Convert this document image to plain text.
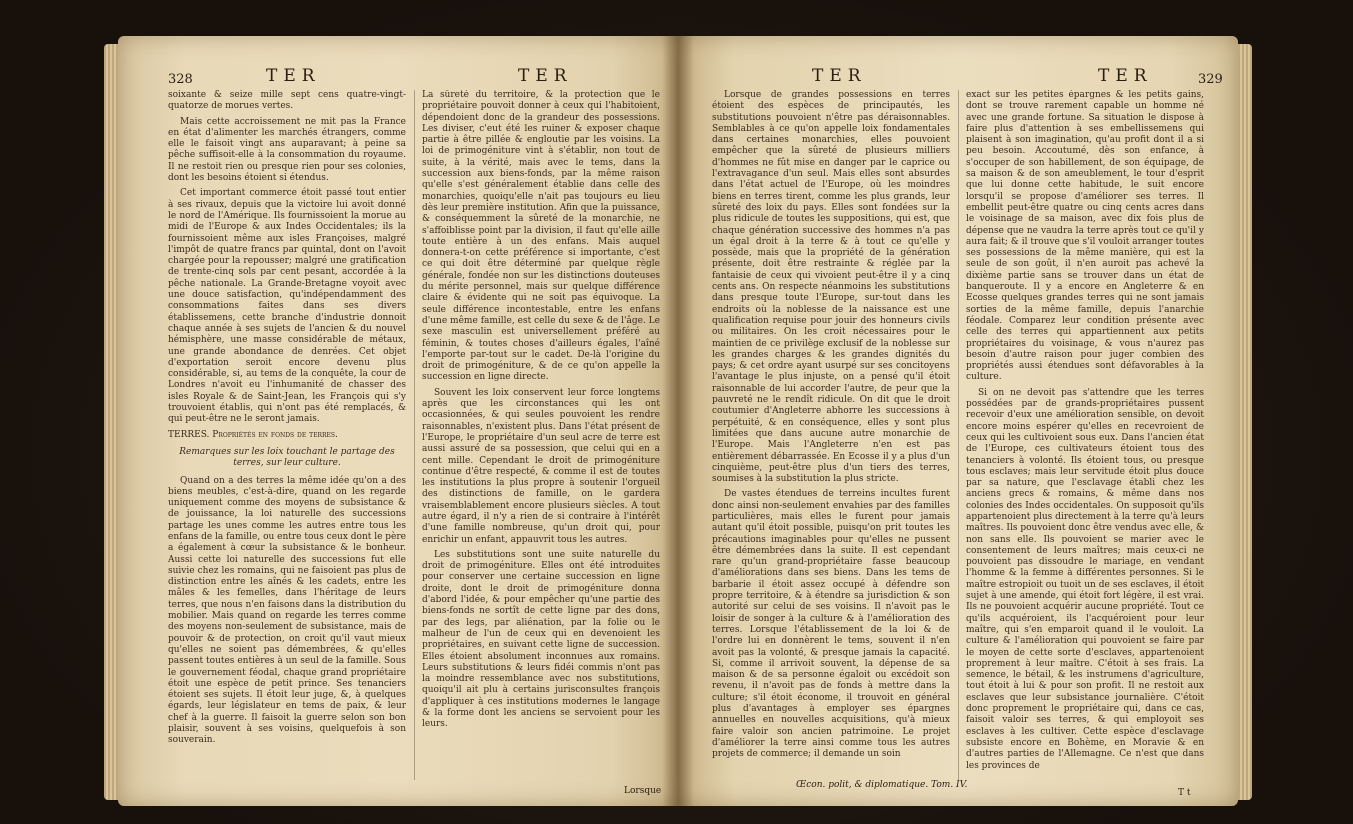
328	TER	TER

soixante & seize mille sept cens quatre-vingt-quatorze de morues vertes.

Mais cette accroissement ne mit pas la France en état d'alimenter les marchés étrangers, comme elle le faisoit vingt ans auparavant; à peine sa pêche suffisoit-elle à la consommation du royaume. Il ne restoit rien ou presque rien pour ses colonies, dont les besoins étoient si étendus.

Cet important commerce étoit passé tout entier à ses rivaux, depuis que la victoire lui avoit donné le nord de l'Amérique. Ils fournissoient la morue au midi de l'Europe & aux Indes Occidentales; ils la fournissoient même aux isles Françoises, malgré l'impôt de quatre francs par quintal, dont on l'avoit chargée pour la repousser; malgré une gratification de trente-cinq sols par cent pesant, accordée à la pêche nationale. La Grande-Bretagne voyoit avec une douce satisfaction, qu'indépendamment des consommations faites dans ses divers établissemens, cette branche d'industrie donnoit chaque année à ses sujets de l'ancien & du nouvel hémisphère, une masse considérable de métaux, une grande abondance de denrées. Cet objet d'exportation seroit encore devenu plus considérable, si, au tems de la conquête, la cour de Londres n'avoit eu l'inhumanité de chasser des isles Royale & de Saint-Jean, les François qui s'y trouvoient établis, qui n'ont pas été remplacés, & qui peut-être ne le seront jamais.

TERRES. Propriétés en fonds de terres.

Remarques sur les loix touchant le partage des terres, sur leur culture.

Quand on a des terres la même idée qu'on a des biens meubles, c'est-à-dire, quand on les regarde uniquement comme des moyens de subsistance & de jouissance, la loi naturelle des successions partage les unes comme les autres entre tous les enfans de la famille, ou entre tous ceux dont le père a également à cœur la subsistance & le bonheur. Aussi cette loi naturelle des successions fut elle suivie chez les romains, qui ne faisoient pas plus de distinction entre les aînés & les cadets, entre les mâles & les femelles, dans l'héritage de leurs terres, que nous n'en faisons dans la distribution du mobilier. Mais quand on regarde les terres comme des moyens non-seulement de subsistance, mais de pouvoir & de protection, on croit qu'il vaut mieux qu'elles ne soient pas démembrées, & qu'elles passent toutes entières à un seul de la famille. Sous le gouvernement féodal, chaque grand propriétaire étoit une espèce de petit prince. Ses tenanciers étoient ses sujets. Il étoit leur juge, &, à quelques égards, leur législateur en tems de paix, & leur chef à la guerre. Il faisoit la guerre selon son bon plaisir, souvent à ses voisins, quelquefois à son souverain.

La sûreté du territoire, & la protection que le propriétaire pouvoit donner à ceux qui l'habitoient, dépendoient donc de la grandeur des possessions. Les diviser, c'eut été les ruiner & exposer chaque partie à être pillée & engloutie par les voisins. La loi de primogéniture vint à s'établir, non tout de suite, à la vérité, mais avec le tems, dans la succession aux biens-fonds, par la même raison qu'elle s'est généralement établie dans celle des monarchies, quoiqu'elle n'ait pas toujours eu lieu dès leur première institution. Afin que la puissance, & conséquemment la sûreté de la monarchie, ne s'affoiblisse point par la division, il faut qu'elle aille toute entière à un des enfans. Mais auquel donnera-t-on cette préférence si importante, c'est ce qui doit être déterminé par quelque règle générale, fondée non sur les distinctions douteuses du mérite personnel, mais sur quelque différence claire & évidente qui ne soit pas équivoque. La seule différence incontestable, entre les enfans d'une même famille, est celle du sexe & de l'âge. Le sexe masculin est universellement préféré au féminin, & toutes choses d'ailleurs égales, l'aîné l'emporte par-tout sur le cadet. De-là l'origine du droit de primogéniture, & de ce qu'on appelle la succession en ligne directe.

Souvent les loix conservent leur force longtems après que les circonstances qui les ont occasionnées, & qui seules pouvoient les rendre raisonnables, n'existent plus. Dans l'état présent de l'Europe, le propriétaire d'un seul acre de terre est aussi assuré de sa possession, que celui qui en a cent mille. Cependant le droit de primogéniture continue d'être respecté, & comme il est de toutes les institutions la plus propre à soutenir l'orgueil des distinctions de famille, on le gardera vraisemblablement encore plusieurs siècles. A tout autre égard, il n'y a rien de si contraire à l'intérêt d'une famille nombreuse, qu'un droit qui, pour enrichir un enfant, appauvrit tous les autres.

Les substitutions sont une suite naturelle du droit de primogéniture. Elles ont été introduites pour conserver une certaine succession en ligne droite, dont le droit de primogéniture donna d'abord l'idée, & pour empêcher qu'une partie des biens-fonds ne sortît de cette ligne par des dons, par des legs, par aliénation, par la folie ou le malheur de l'un de ceux qui en devenoient les propriétaires, en suivant cette ligne de succession. Elles étoient absolument inconnues aux romains. Leurs substitutions & leurs fidéi commis n'ont pas la moindre ressemblance avec nos substitutions, quoiqu'il ait plu à certains jurisconsultes françois d'appliquer à ces institutions modernes le langage & la forme dont les anciens se servoient pour les leurs.

Lorsque
329
TER	TER

Lorsque de grandes possessions en terres étoient des espèces de principautés, les substitutions pouvoient n'être pas déraisonnables. Semblables à ce qu'on appelle loix fondamentales dans certaines monarchies, elles pouvoient empêcher que la sûreté de plusieurs milliers d'hommes ne fût mise en danger par le caprice ou l'extravagance d'un seul. Mais elles sont absurdes dans l'état actuel de l'Europe, où les moindres biens en terres tirent, comme les plus grands, leur sûreté des loix du pays. Elles sont fondées sur la plus ridicule de toutes les suppositions, qui est, que chaque génération successive des hommes n'a pas un égal droit à la terre & à tout ce qu'elle y possède, mais que la propriété de la génération présente, doit être restrainte & réglée par la fantaisie de ceux qui vivoient peut-être il y a cinq cents ans. On respecte néanmoins les substitutions dans presque toute l'Europe, sur-tout dans les endroits où la noblesse de la naissance est une qualification requise pour jouir des honneurs civils ou militaires. On les croit nécessaires pour le maintien de ce privilège exclusif de la noblesse sur les grandes charges & les grandes dignités du pays; & cet ordre ayant usurpé sur ses concitoyens l'avantage le plus injuste, on a pensé qu'il étoit raisonnable de lui accorder l'autre, de peur que la pauvreté ne le rendît ridicule. On dit que le droit coutumier d'Angleterre abhorre les successions à perpétuité, & en conséquence, elles y sont plus limitées que dans aucune autre monarchie de l'Europe. Mais l'Angleterre n'en est pas entièrement débarrassée. En Ecosse il y a plus d'un cinquième, peut-être plus d'un tiers des terres, soumises à la substitution la plus stricte.

De vastes étendues de terreins incultes furent donc ainsi non-seulement envahies par des familles particulières, mais elles le furent pour jamais autant qu'il étoit possible, puisqu'on prit toutes les précautions imaginables pour qu'elles ne pussent être démembrées dans la suite. Il est cependant rare qu'un grand-propriétaire fasse beaucoup d'améliorations dans ses biens. Dans les tems de barbarie il étoit assez occupé à défendre son propre territoire, & à étendre sa jurisdiction & son autorité sur celui de ses voisins. Il n'avoit pas le loisir de songer à la culture & à l'amélioration des terres. Lorsque l'établissement de la loi & de l'ordre lui en donnèrent le tems, souvent il n'en avoit pas la volonté, & presque jamais la capacité. Si, comme il arrivoit souvent, la dépense de sa maison & de sa personne égaloit ou excédoit son revenu, il n'avoit pas de fonds à mettre dans la culture; s'il étoit économe, il trouvoit en général plus d'avantages à employer ses épargnes annuelles en nouvelles acquisitions, qu'à mieux faire valoir son ancien patrimoine. Le projet d'améliorer la terre ainsi comme tous les autres projets de commerce; il demande un soin

exact sur les petites épargnes & les petits gains, dont se trouve rarement capable un homme né avec une grande fortune. Sa situation le dispose à faire plus d'attention à ses embellissemens qui plaisent à son imagination, qu'au profit dont il a si peu besoin. Accoutumé, dès son enfance, à s'occuper de son habillement, de son équipage, de sa maison & de son ameublement, le tour d'esprit que lui donne cette habitude, le suit encore lorsqu'il se propose d'améliorer ses terres. Il embellit peut-être quatre ou cinq cents acres dans le voisinage de sa maison, avec dix fois plus de dépense que ne vaudra la terre après tout ce qu'il y aura fait; & il trouve que s'il vouloit arranger toutes ses possessions de la même manière, qui est la seule de son goût, il n'en auroit pas achevé la dixième partie sans se trouver dans un état de banqueroute. Il y a encore en Angleterre & en Ecosse quelques grandes terres qui ne sont jamais sorties de la même famille, depuis l'anarchie féodale. Comparez leur condition présente avec celle des terres qui appartiennent aux petits propriétaires du voisinage, & vous n'aurez pas besoin d'autre raison pour juger combien des propriétés aussi étendues sont défavorables à la culture.

Si on ne devoit pas s'attendre que les terres possédées par de grands-propriétaires pussent recevoir d'eux une amélioration sensible, on devoit encore moins espérer qu'elles en recevroient de ceux qui les cultivoient sous eux. Dans l'ancien état de l'Europe, ces cultivateurs étoient tous des tenanciers à volonté. Ils étoient tous, ou presque tous esclaves; mais leur servitude étoit plus douce par sa nature, que l'esclavage établi chez les anciens grecs & romains, & même dans nos colonies des Indes occidentales. On supposoit qu'ils appartenoient plus directement à la terre qu'à leurs maîtres. Ils pouvoient donc être vendus avec elle, & non sans elle. Ils pouvoient se marier avec le consentement de leurs maîtres; mais ceux-ci ne pouvoient pas dissoudre le mariage, en vendant l'homme & la femme à différentes personnes. Si le maître estropioit ou tuoit un de ses esclaves, il étoit sujet à une amende, qui étoit fort légère, il est vrai. Ils ne pouvoient acquérir aucune propriété. Tout ce qu'ils acquéroient, ils l'acquéroient pour leur maître, qui s'en emparoit quand il le vouloit. La culture & l'amélioration qui pouvoient se faire par le moyen de cette sorte d'esclaves, appartenoient proprement à leur maître. C'étoit à ses frais. La semence, le bétail, & les instrumens d'agriculture, tout étoit à lui & pour son profit. Il ne restoit aux esclaves que leur subsistance journalière. C'étoit donc proprement le propriétaire qui, dans ce cas, faisoit valoir ses terres, & qui employoit ses esclaves à les cultiver. Cette espèce d'esclavage subsiste encore en Bohème, en Moravie & en d'autres parties de l'Allemagne. Ce n'est que dans les provinces de

Œcon. polit, & diplomatique. Tom. IV.
T t
